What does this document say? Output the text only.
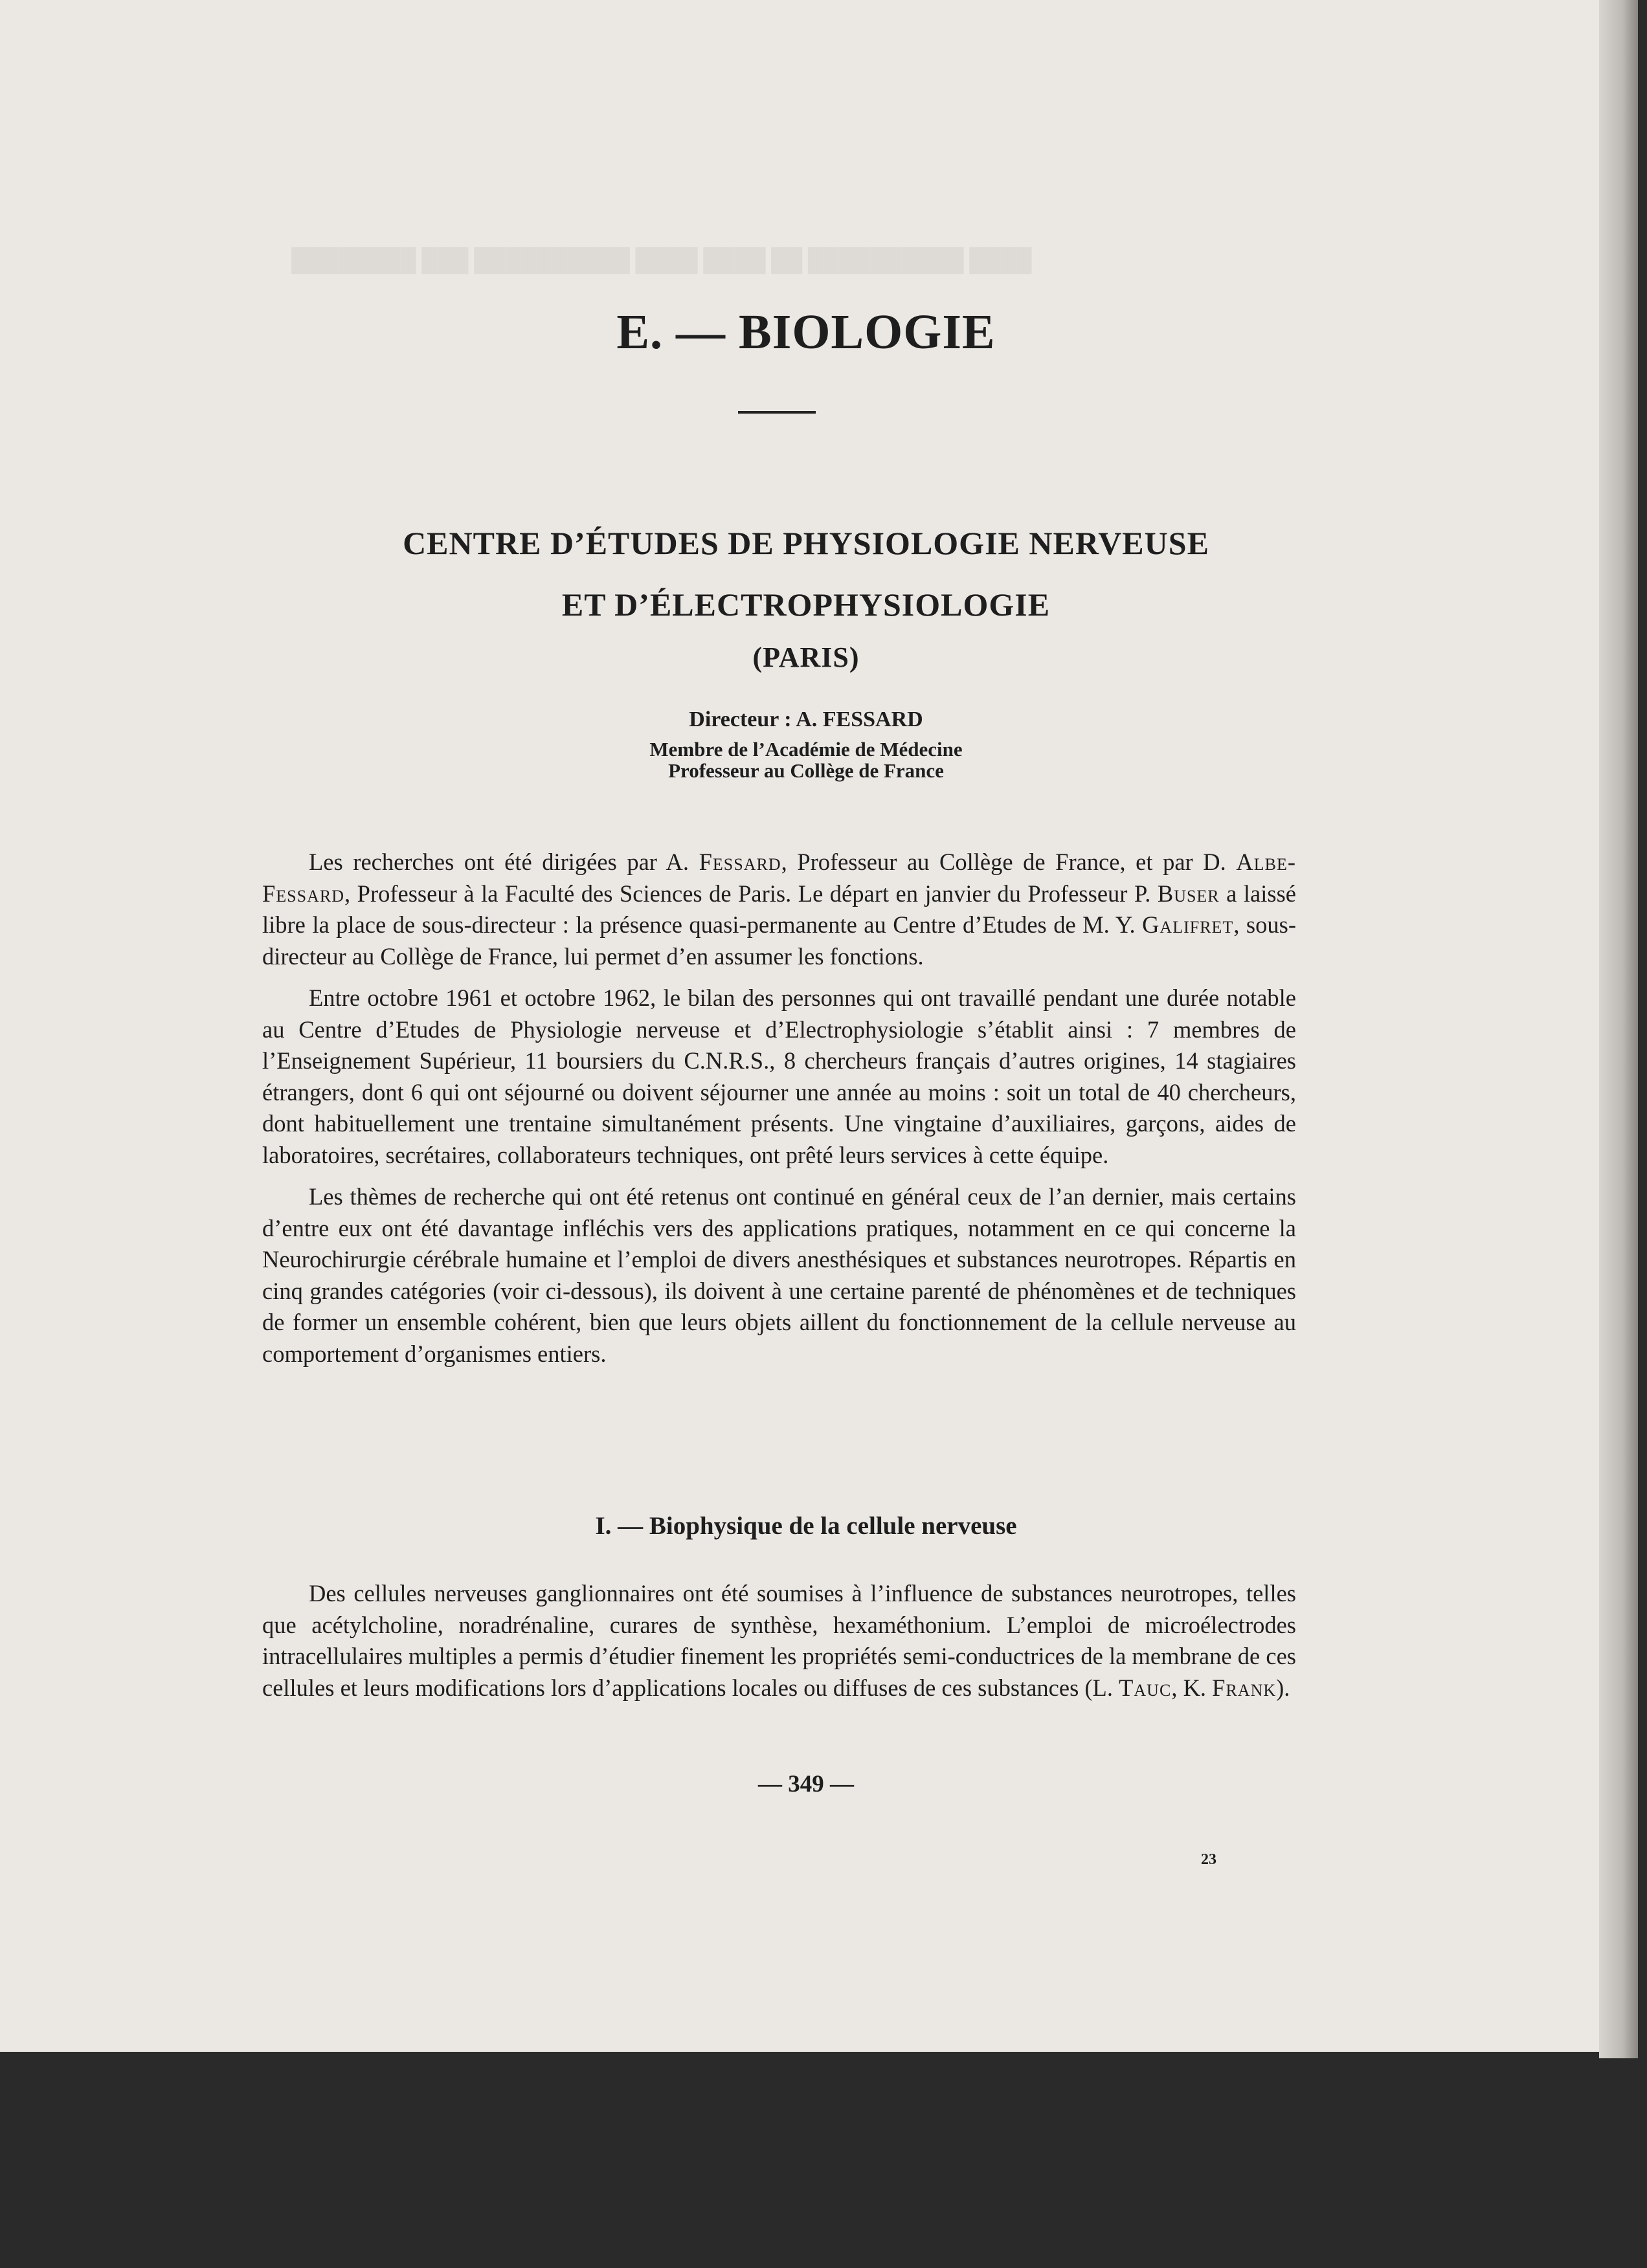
████ ██████████ ██ ████ ████ ██████████ ███ ████████
E. — BIOLOGIE
CENTRE D’ÉTUDES DE PHYSIOLOGIE NERVEUSE
ET D’ÉLECTROPHYSIOLOGIE
(PARIS)
Directeur : A. FESSARD
Membre de l’Académie de Médecine
Professeur au Collège de France

Les recherches ont été dirigées par A. Fessard, Professeur au Collège de France, et par D. Albe-Fessard, Professeur à la Faculté des Sciences de Paris. Le départ en janvier du Professeur P. Buser a laissé libre la place de sous-directeur : la présence quasi-permanente au Centre d’Etudes de M. Y. Galifret, sous-directeur au Collège de France, lui permet d’en assumer les fonctions.

Entre octobre 1961 et octobre 1962, le bilan des personnes qui ont travaillé pendant une durée notable au Centre d’Etudes de Physiologie nerveuse et d’Electrophysiologie s’établit ainsi : 7 membres de l’Enseignement Supérieur, 11 boursiers du C.N.R.S., 8 chercheurs français d’autres origines, 14 stagiaires étrangers, dont 6 qui ont séjourné ou doivent séjourner une année au moins : soit un total de 40 chercheurs, dont habituellement une trentaine simultanément présents. Une vingtaine d’auxiliaires, garçons, aides de laboratoires, secrétaires, collaborateurs techniques, ont prêté leurs services à cette équipe.

Les thèmes de recherche qui ont été retenus ont continué en général ceux de l’an dernier, mais certains d’entre eux ont été davantage infléchis vers des applications pratiques, notamment en ce qui concerne la Neurochirurgie cérébrale humaine et l’emploi de divers anesthésiques et substances neurotropes. Répartis en cinq grandes catégories (voir ci-dessous), ils doivent à une certaine parenté de phénomènes et de techniques de former un ensemble cohérent, bien que leurs objets aillent du fonctionnement de la cellule nerveuse au comportement d’organismes entiers.

I. — Biophysique de la cellule nerveuse

Des cellules nerveuses ganglionnaires ont été soumises à l’influence de substances neurotropes, telles que acétylcholine, noradrénaline, curares de synthèse, hexaméthonium. L’emploi de microélectrodes intracellulaires multiples a permis d’étudier finement les propriétés semi-conductrices de la membrane de ces cellules et leurs modifications lors d’applications locales ou diffuses de ces substances (L. Tauc, K. Frank).

— 349 —
23
